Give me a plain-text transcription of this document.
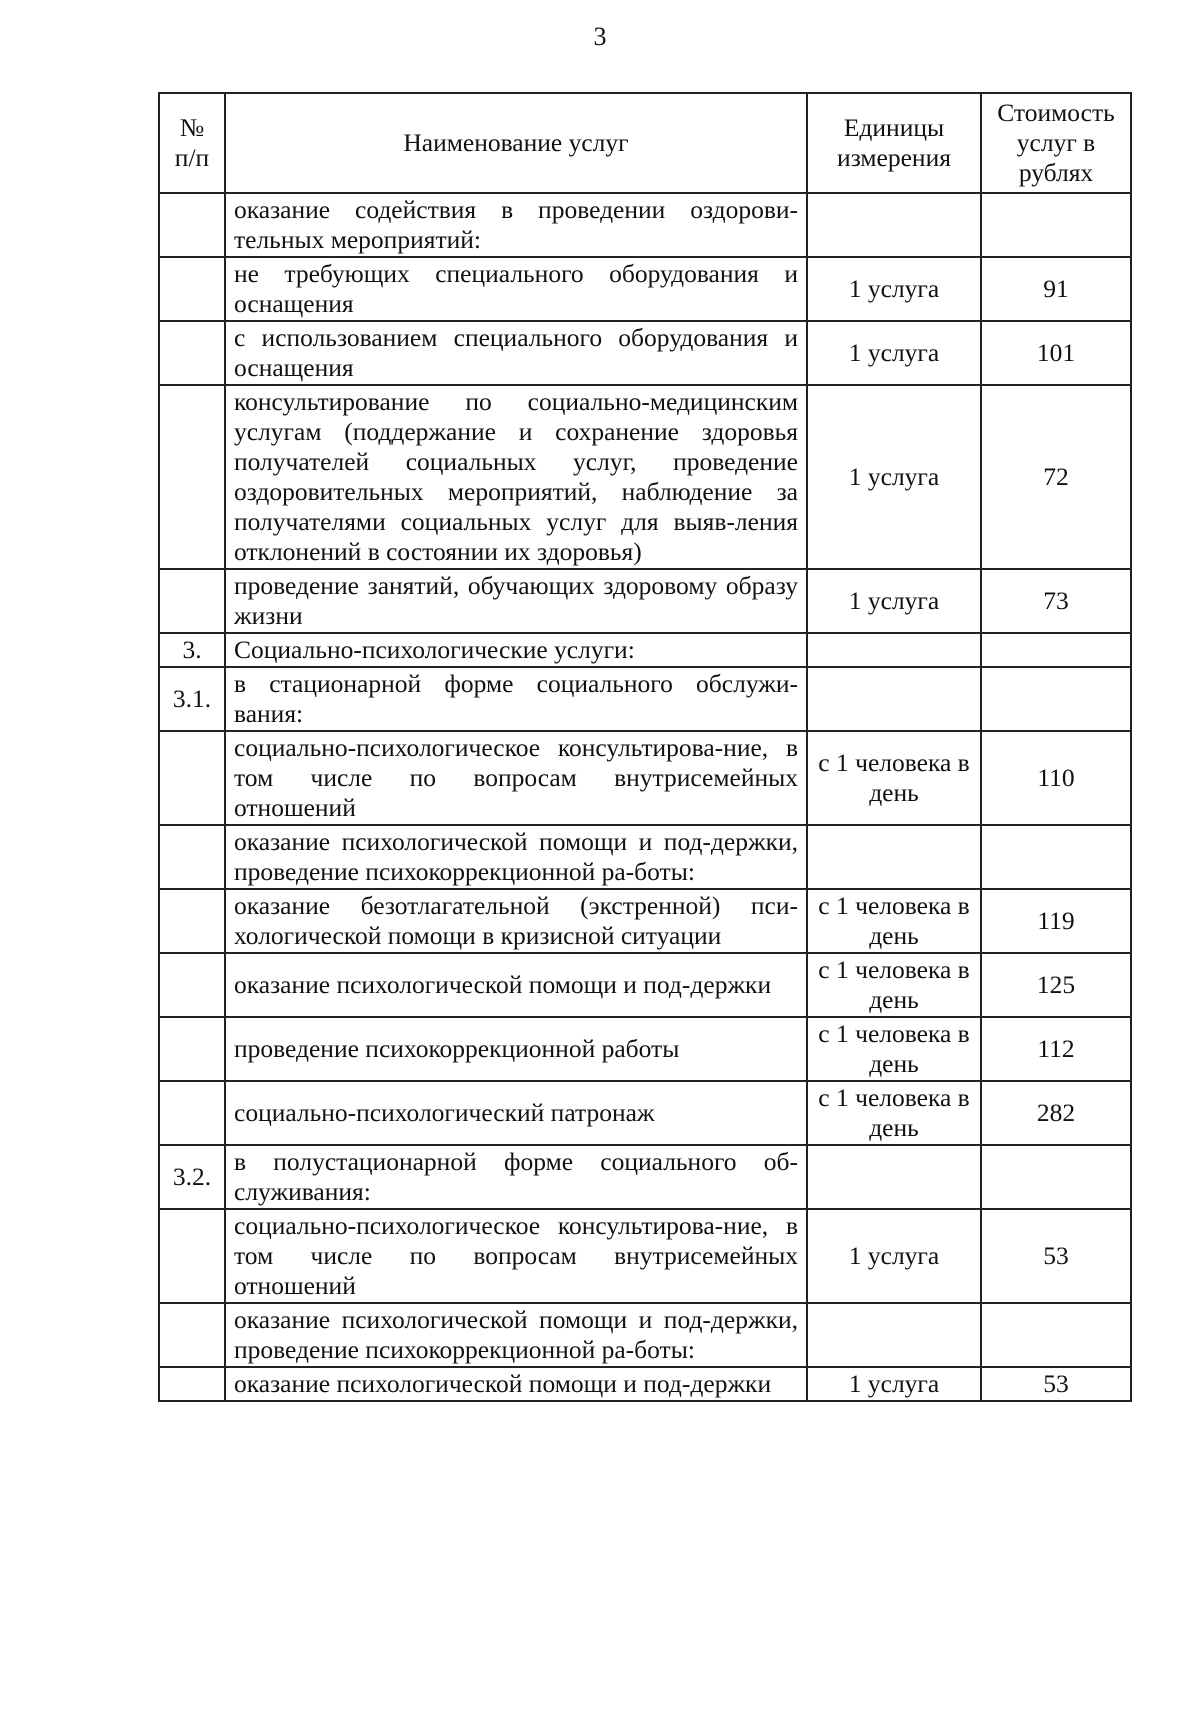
3
№ п/п	Наименование услуг	Единицы измерения	Стоимость услуг в рублях
	оказание содействия в проведении оздорови-тельных мероприятий:		
	не требующих специального оборудования и оснащения	1 услуга	91
	с использованием специального оборудования и оснащения	1 услуга	101
	консультирование по социально-медицинским услугам (поддержание и сохранение здоровья получателей социальных услуг, проведение оздоровительных мероприятий, наблюдение за получателями социальных услуг для выяв-ления отклонений в состоянии их здоровья)	1 услуга	72
	проведение занятий, обучающих здоровому образу жизни	1 услуга	73
3.	Социально-психологические услуги:		
3.1.	в стационарной форме социального обслужи-вания:		
	социально-психологическое консультирова-ние, в том числе по вопросам внутрисемейных отношений	с 1 человека в день	110
	оказание психологической помощи и под-держки, проведение психокоррекционной ра-боты:		
	оказание безотлагательной (экстренной) пси-хологической помощи в кризисной ситуации	с 1 человека в день	119
	оказание психологической помощи и под-держки	с 1 человека в день	125
	проведение психокоррекционной работы	с 1 человека в день	112
	социально-психологический патронаж	с 1 человека в день	282
3.2.	в полустационарной форме социального об-служивания:		
	социально-психологическое консультирова-ние, в том числе по вопросам внутрисемейных отношений	1 услуга	53
	оказание психологической помощи и под-держки, проведение психокоррекционной ра-боты:		
	оказание психологической помощи и под-держки	1 услуга	53
